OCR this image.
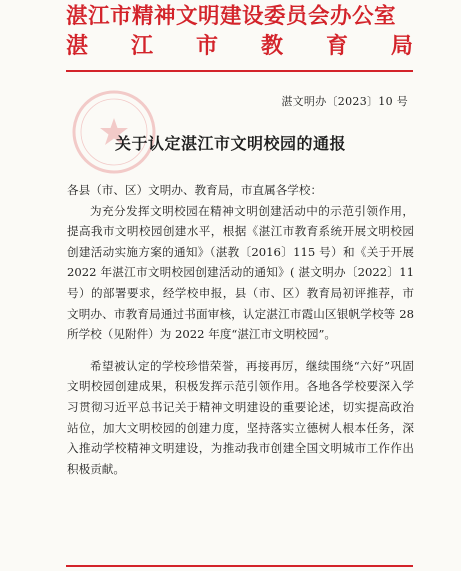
湛江市精神文明建设委员会办公室
湛 江 市 教 育 局
湛文明办〔2023〕10 号
关于认定湛江市文明校园的通报
各县（市、区）文明办、教育局，市直属各学校：

为充分发挥文明校园在精神文明创建活动中的示范引领作用，提高我市文明校园创建水平，根据《湛江市教育系统开展文明校园创建活动实施方案的通知》（湛教〔2016〕115 号）和《关于开展 2022 年湛江市文明校园创建活动的通知》( 湛文明办〔2022〕11 号）的部署要求，经学校申报，县（市、区）教育局初评推荐，市文明办、市教育局通过书面审核，认定湛江市霞山区银帆学校等 28 所学校（见附件）为 2022 年度“湛江市文明校园”。

希望被认定的学校珍惜荣誉，再接再厉，继续围绕“六好”巩固文明校园创建成果，积极发挥示范引领作用。各地各学校要深入学习贯彻习近平总书记关于精神文明建设的重要论述，切实提高政治站位，加大文明校园的创建力度，坚持落实立德树人根本任务，深入推动学校精神文明建设，为推动我市创建全国文明城市工作作出积极贡献。
